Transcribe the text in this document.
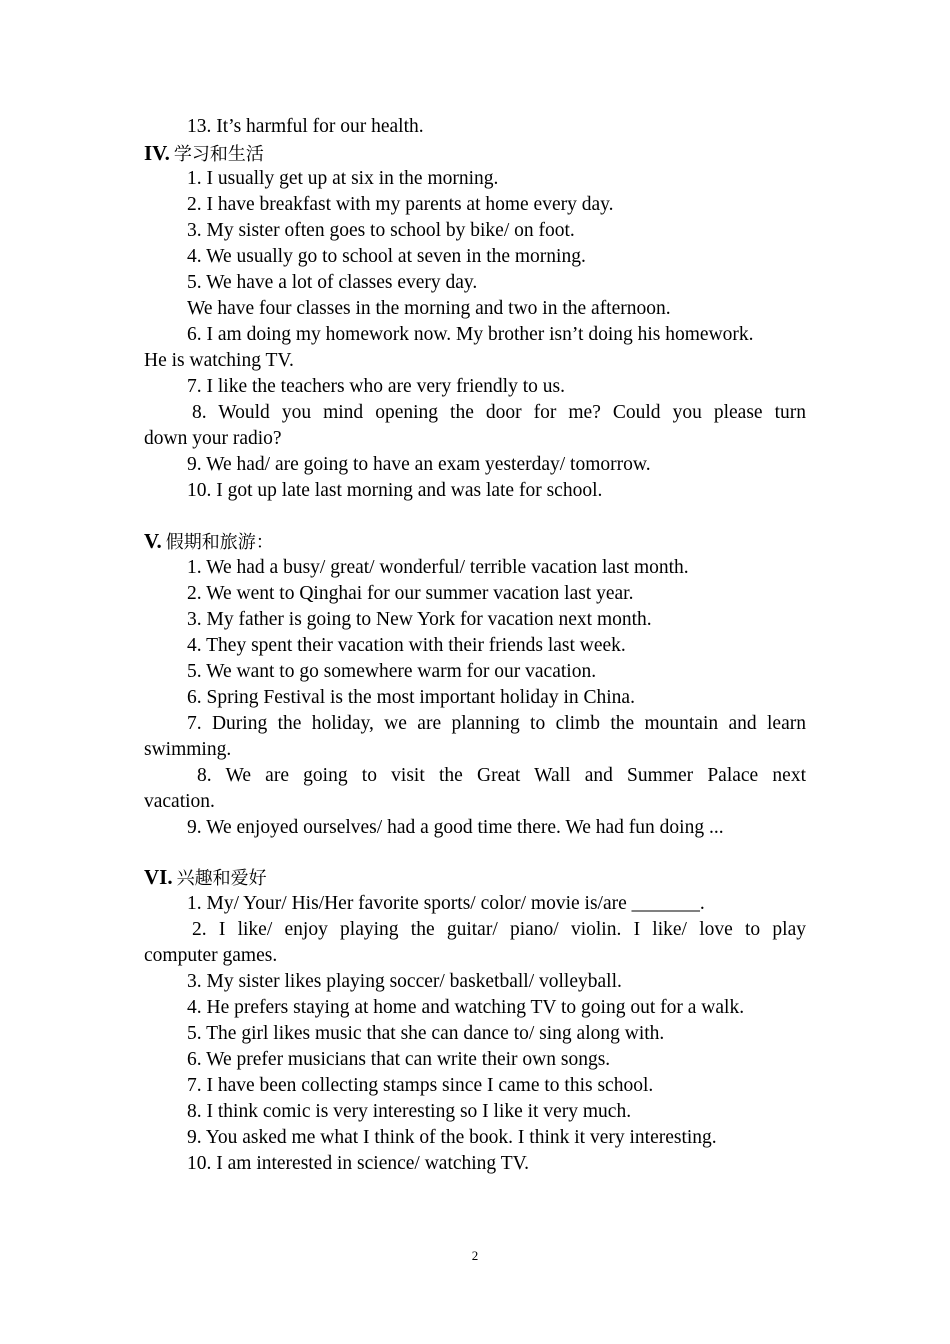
13. It’s harmful for our health.
IV. 学习和生活
1. I usually get up at six in the morning.
2. I have breakfast with my parents at home every day.
3. My sister often goes to school by bike/ on foot.
4. We usually go to school at seven in the morning.
5. We have a lot of classes every day.
We have four classes in the morning and two in the afternoon.
6. I am doing my homework now. My brother isn’t doing his homework.
He is watching TV.
7. I like the teachers who are very friendly to us.
8. Would you mind opening the door for me? Could you please turn
down your radio?
9. We had/ are going to have an exam yesterday/ tomorrow.
10. I got up late last morning and was late for school.
V. 假期和旅游：
1. We had a busy/ great/ wonderful/ terrible vacation last month.
2. We went to Qinghai for our summer vacation last year.
3. My father is going to New York for vacation next month.
4. They spent their vacation with their friends last week.
5. We want to go somewhere warm for our vacation.
6. Spring Festival is the most important holiday in China.
7. During the holiday, we are planning to climb the mountain and learn
swimming.
8. We are going to visit the Great Wall and Summer Palace next
vacation.
9. We enjoyed ourselves/ had a good time there. We had fun doing ...
VI. 兴趣和爱好
1. My/ Your/ His/Her favorite sports/ color/ movie is/are _______.
2. I like/ enjoy playing the guitar/ piano/ violin. I like/ love to play
computer games.
3. My sister likes playing soccer/ basketball/ volleyball.
4. He prefers staying at home and watching TV to going out for a walk.
5. The girl likes music that she can dance to/ sing along with.
6. We prefer musicians that can write their own songs.
7. I have been collecting stamps since I came to this school.
8. I think comic is very interesting so I like it very much.
9. You asked me what I think of the book. I think it very interesting.
10. I am interested in science/ watching TV.
2
